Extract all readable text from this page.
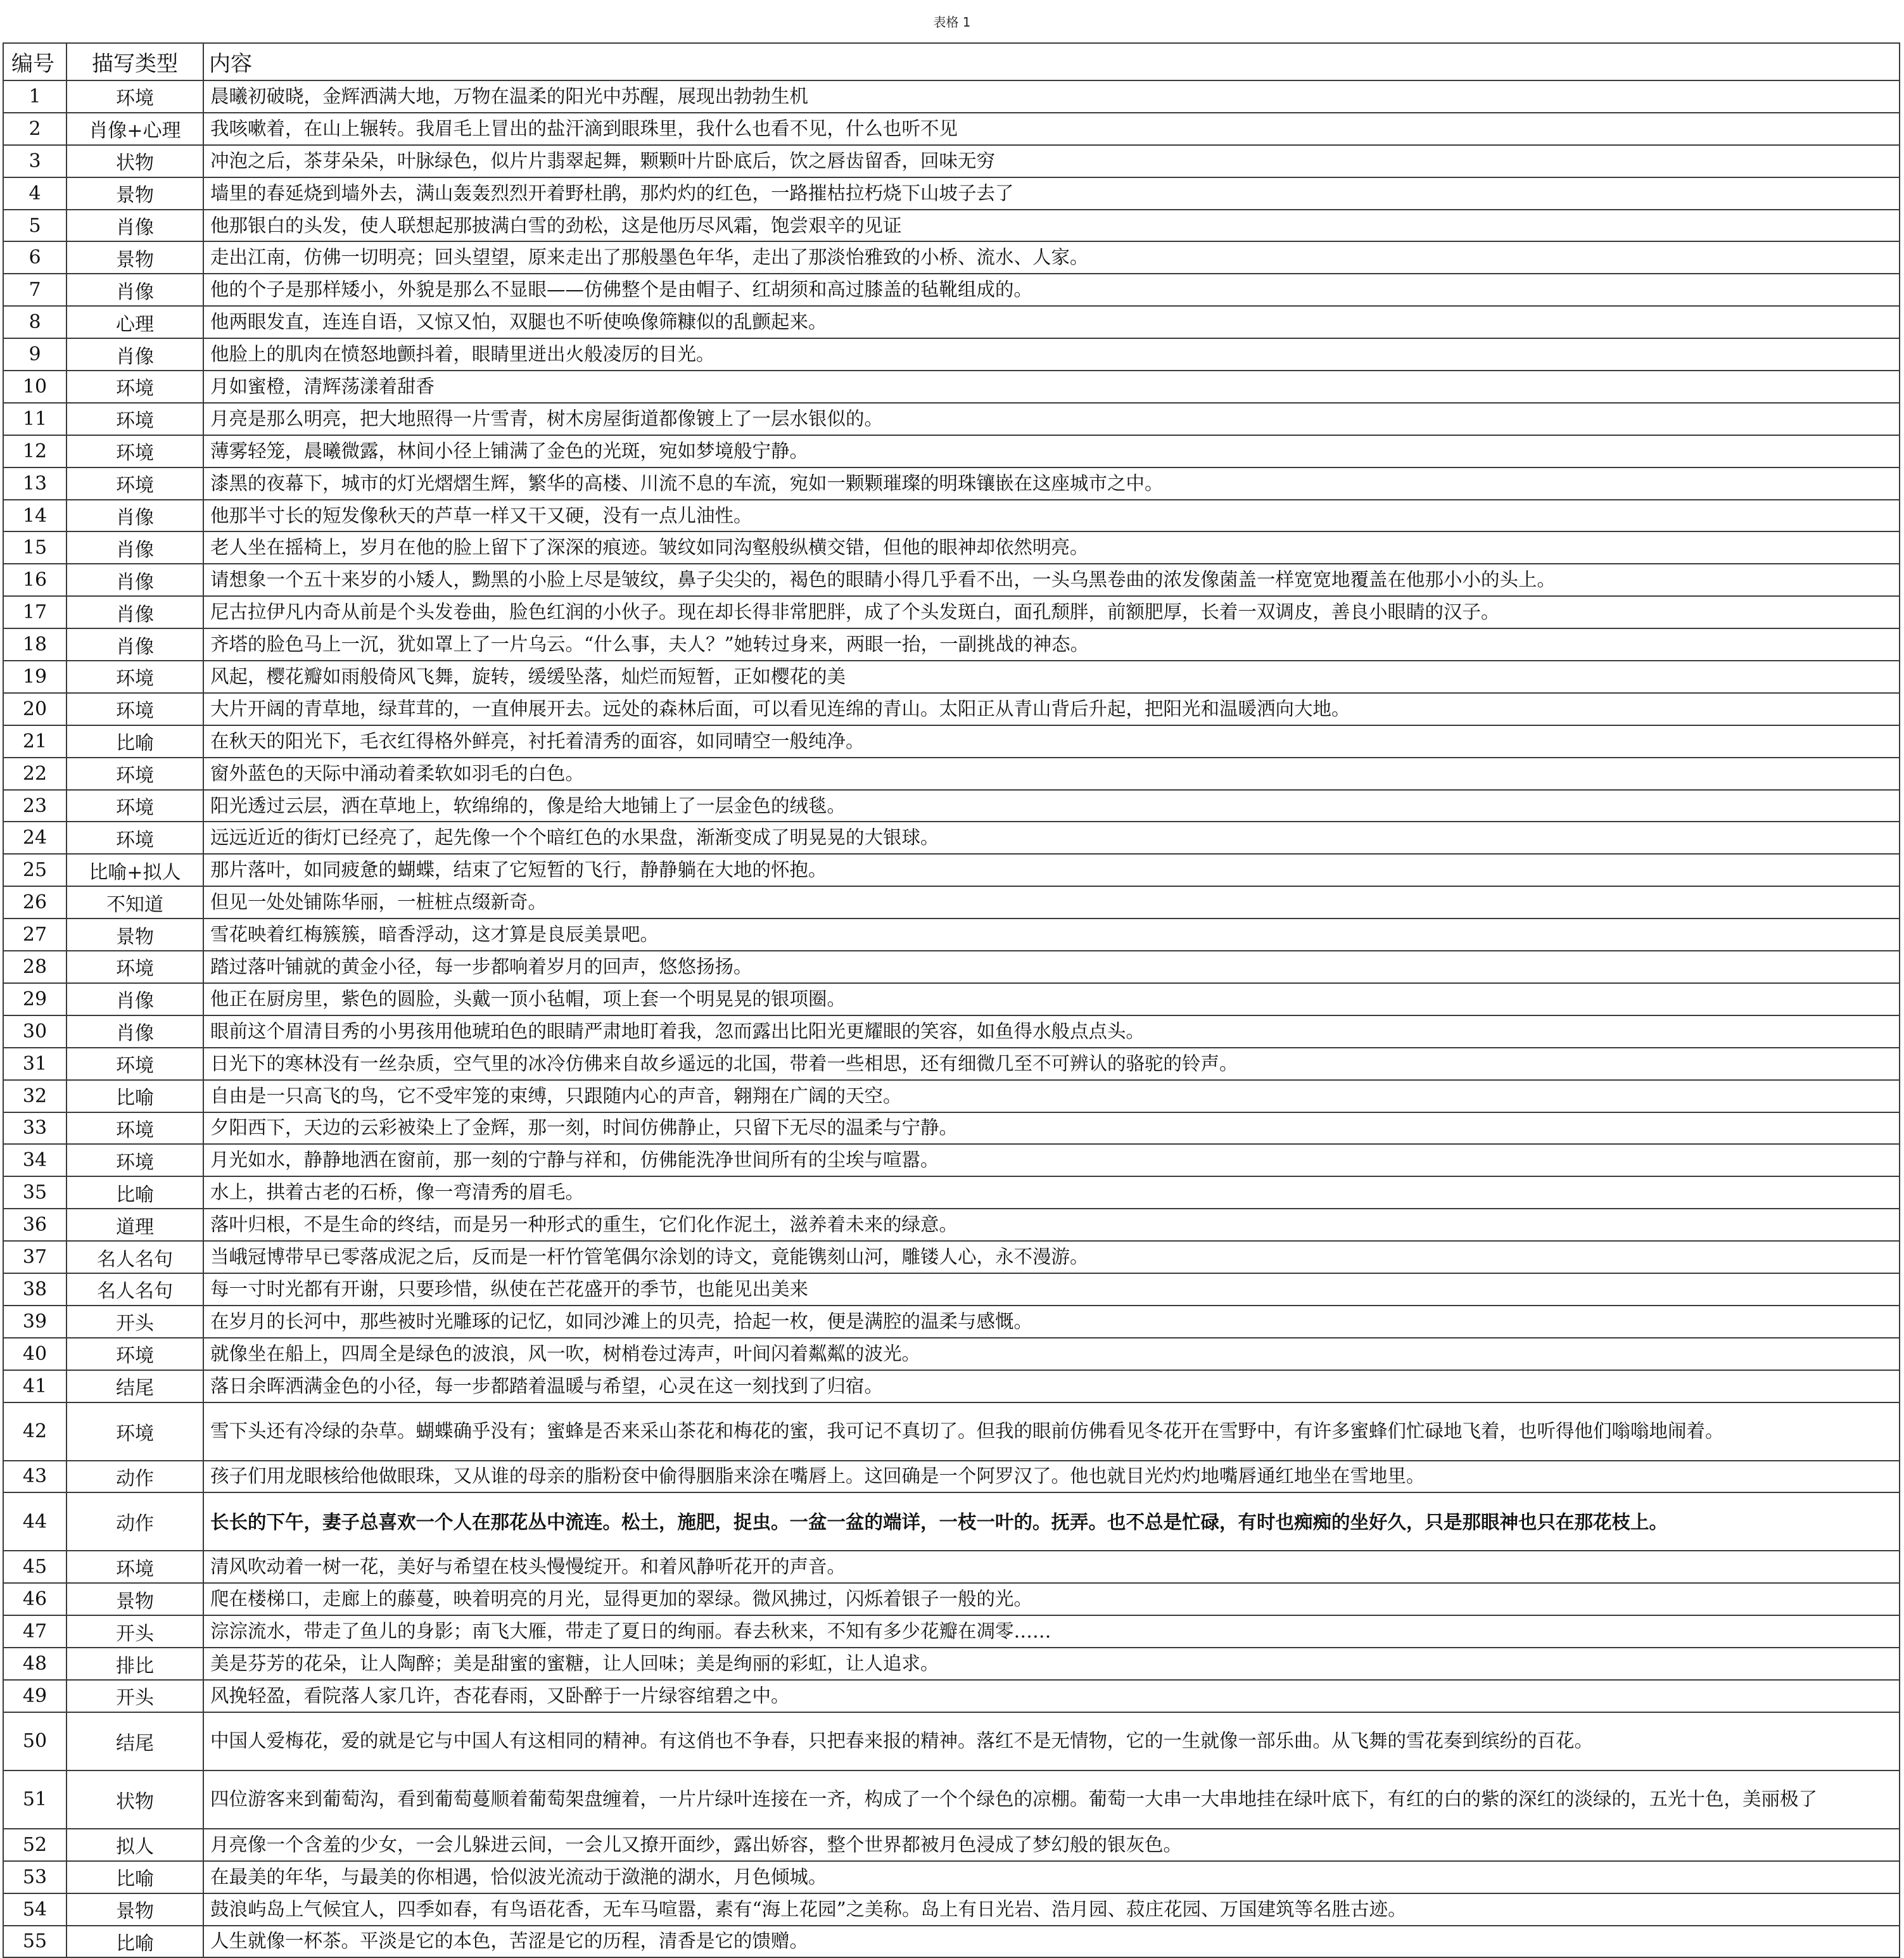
表格 1
编号	描写类型	内容
1	环境	晨曦初破晓，金辉洒满大地，万物在温柔的阳光中苏醒，展现出勃勃生机
2	肖像+心理	我咳嗽着，在山上辗转。我眉毛上冒出的盐汗滴到眼珠里，我什么也看不见，什么也听不见
3	状物	冲泡之后，茶芽朵朵，叶脉绿色，似片片翡翠起舞，颗颗叶片卧底后，饮之唇齿留香，回味无穷
4	景物	墙里的春延烧到墙外去，满山轰轰烈烈开着野杜鹃，那灼灼的红色，一路摧枯拉朽烧下山坡子去了
5	肖像	他那银白的头发，使人联想起那披满白雪的劲松，这是他历尽风霜，饱尝艰辛的见证
6	景物	走出江南，仿佛一切明亮；回头望望，原来走出了那般墨色年华，走出了那淡怡雅致的小桥、流水、人家。
7	肖像	他的个子是那样矮小，外貌是那么不显眼——仿佛整个是由帽子、红胡须和高过膝盖的毡靴组成的。
8	心理	他两眼发直，连连自语，又惊又怕，双腿也不听使唤像筛糠似的乱颤起来。
9	肖像	他脸上的肌肉在愤怒地颤抖着，眼睛里迸出火般凌厉的目光。
10	环境	月如蜜橙，清辉荡漾着甜香
11	环境	月亮是那么明亮，把大地照得一片雪青，树木房屋街道都像镀上了一层水银似的。
12	环境	薄雾轻笼，晨曦微露，林间小径上铺满了金色的光斑，宛如梦境般宁静。
13	环境	漆黑的夜幕下，城市的灯光熠熠生辉，繁华的高楼、川流不息的车流，宛如一颗颗璀璨的明珠镶嵌在这座城市之中。
14	肖像	他那半寸长的短发像秋天的芦草一样又干又硬，没有一点儿油性。
15	肖像	老人坐在摇椅上，岁月在他的脸上留下了深深的痕迹。皱纹如同沟壑般纵横交错，但他的眼神却依然明亮。
16	肖像	请想象一个五十来岁的小矮人，黝黑的小脸上尽是皱纹，鼻子尖尖的，褐色的眼睛小得几乎看不出，一头乌黑卷曲的浓发像菌盖一样宽宽地覆盖在他那小小的头上。
17	肖像	尼古拉伊凡内奇从前是个头发卷曲，脸色红润的小伙子。现在却长得非常肥胖，成了个头发斑白，面孔颓胖，前额肥厚，长着一双调皮，善良小眼睛的汉子。
18	肖像	齐塔的脸色马上一沉，犹如罩上了一片乌云。“什么事，夫人？”她转过身来，两眼一抬，一副挑战的神态。
19	环境	风起，樱花瓣如雨般倚风飞舞，旋转，缓缓坠落，灿烂而短暂，正如樱花的美
20	环境	大片开阔的青草地，绿茸茸的，一直伸展开去。远处的森林后面，可以看见连绵的青山。太阳正从青山背后升起，把阳光和温暖洒向大地。
21	比喻	在秋天的阳光下，毛衣红得格外鲜亮，衬托着清秀的面容，如同晴空一般纯净。
22	环境	窗外蓝色的天际中涌动着柔软如羽毛的白色。
23	环境	阳光透过云层，洒在草地上，软绵绵的，像是给大地铺上了一层金色的绒毯。
24	环境	远远近近的街灯已经亮了，起先像一个个暗红色的水果盘，渐渐变成了明晃晃的大银球。
25	比喻+拟人	那片落叶，如同疲惫的蝴蝶，结束了它短暂的飞行，静静躺在大地的怀抱。
26	不知道	但见一处处铺陈华丽，一桩桩点缀新奇。
27	景物	雪花映着红梅簇簇，暗香浮动，这才算是良辰美景吧。
28	环境	踏过落叶铺就的黄金小径，每一步都响着岁月的回声，悠悠扬扬。
29	肖像	他正在厨房里，紫色的圆脸，头戴一顶小毡帽，项上套一个明晃晃的银项圈。
30	肖像	眼前这个眉清目秀的小男孩用他琥珀色的眼睛严肃地盯着我，忽而露出比阳光更耀眼的笑容，如鱼得水般点点头。
31	环境	日光下的寒林没有一丝杂质，空气里的冰冷仿佛来自故乡遥远的北国，带着一些相思，还有细微几至不可辨认的骆驼的铃声。
32	比喻	自由是一只高飞的鸟，它不受牢笼的束缚，只跟随内心的声音，翱翔在广阔的天空。
33	环境	夕阳西下，天边的云彩被染上了金辉，那一刻，时间仿佛静止，只留下无尽的温柔与宁静。
34	环境	月光如水，静静地洒在窗前，那一刻的宁静与祥和，仿佛能洗净世间所有的尘埃与喧嚣。
35	比喻	水上，拱着古老的石桥，像一弯清秀的眉毛。
36	道理	落叶归根，不是生命的终结，而是另一种形式的重生，它们化作泥土，滋养着未来的绿意。
37	名人名句	当峨冠博带早已零落成泥之后，反而是一杆竹管笔偶尔涂划的诗文，竟能镌刻山河，雕镂人心，永不漫游。
38	名人名句	每一寸时光都有开谢，只要珍惜，纵使在芒花盛开的季节，也能见出美来
39	开头	在岁月的长河中，那些被时光雕琢的记忆，如同沙滩上的贝壳，拾起一枚，便是满腔的温柔与感慨。
40	环境	就像坐在船上，四周全是绿色的波浪，风一吹，树梢卷过涛声，叶间闪着粼粼的波光。
41	结尾	落日余晖洒满金色的小径，每一步都踏着温暖与希望，心灵在这一刻找到了归宿。
42	环境	雪下头还有冷绿的杂草。蝴蝶确乎没有；蜜蜂是否来采山茶花和梅花的蜜，我可记不真切了。但我的眼前仿佛看见冬花开在雪野中，有许多蜜蜂们忙碌地飞着，也听得他们嗡嗡地闹着。
43	动作	孩子们用龙眼核给他做眼珠，又从谁的母亲的脂粉奁中偷得胭脂来涂在嘴唇上。这回确是一个阿罗汉了。他也就目光灼灼地嘴唇通红地坐在雪地里。
44	动作	长长的下午，妻子总喜欢一个人在那花丛中流连。松土，施肥，捉虫。一盆一盆的端详，一枝一叶的。抚弄。也不总是忙碌，有时也痴痴的坐好久，只是那眼神也只在那花枝上。
45	环境	清风吹动着一树一花，美好与希望在枝头慢慢绽开。和着风静听花开的声音。
46	景物	爬在楼梯口，走廊上的藤蔓，映着明亮的月光，显得更加的翠绿。微风拂过，闪烁着银子一般的光。
47	开头	淙淙流水，带走了鱼儿的身影；南飞大雁，带走了夏日的绚丽。春去秋来，不知有多少花瓣在凋零……
48	排比	美是芬芳的花朵，让人陶醉；美是甜蜜的蜜糖，让人回味；美是绚丽的彩虹，让人追求。
49	开头	风挽轻盈，看院落人家几许，杏花春雨，又卧醉于一片绿容绾碧之中。
50	结尾	中国人爱梅花，爱的就是它与中国人有这相同的精神。有这俏也不争春，只把春来报的精神。落红不是无情物，它的一生就像一部乐曲。从飞舞的雪花奏到缤纷的百花。
51	状物	四位游客来到葡萄沟，看到葡萄蔓顺着葡萄架盘缠着，一片片绿叶连接在一齐，构成了一个个绿色的凉棚。葡萄一大串一大串地挂在绿叶底下，有红的白的紫的深红的淡绿的，五光十色，美丽极了
52	拟人	月亮像一个含羞的少女，一会儿躲进云间，一会儿又撩开面纱，露出娇容，整个世界都被月色浸成了梦幻般的银灰色。
53	比喻	在最美的年华，与最美的你相遇，恰似波光流动于潋滟的湖水，月色倾城。
54	景物	鼓浪屿岛上气候宜人，四季如春，有鸟语花香，无车马喧嚣，素有“海上花园”之美称。岛上有日光岩、浩月园、菽庄花园、万国建筑等名胜古迹。
55	比喻	人生就像一杯茶。平淡是它的本色，苦涩是它的历程，清香是它的馈赠。
